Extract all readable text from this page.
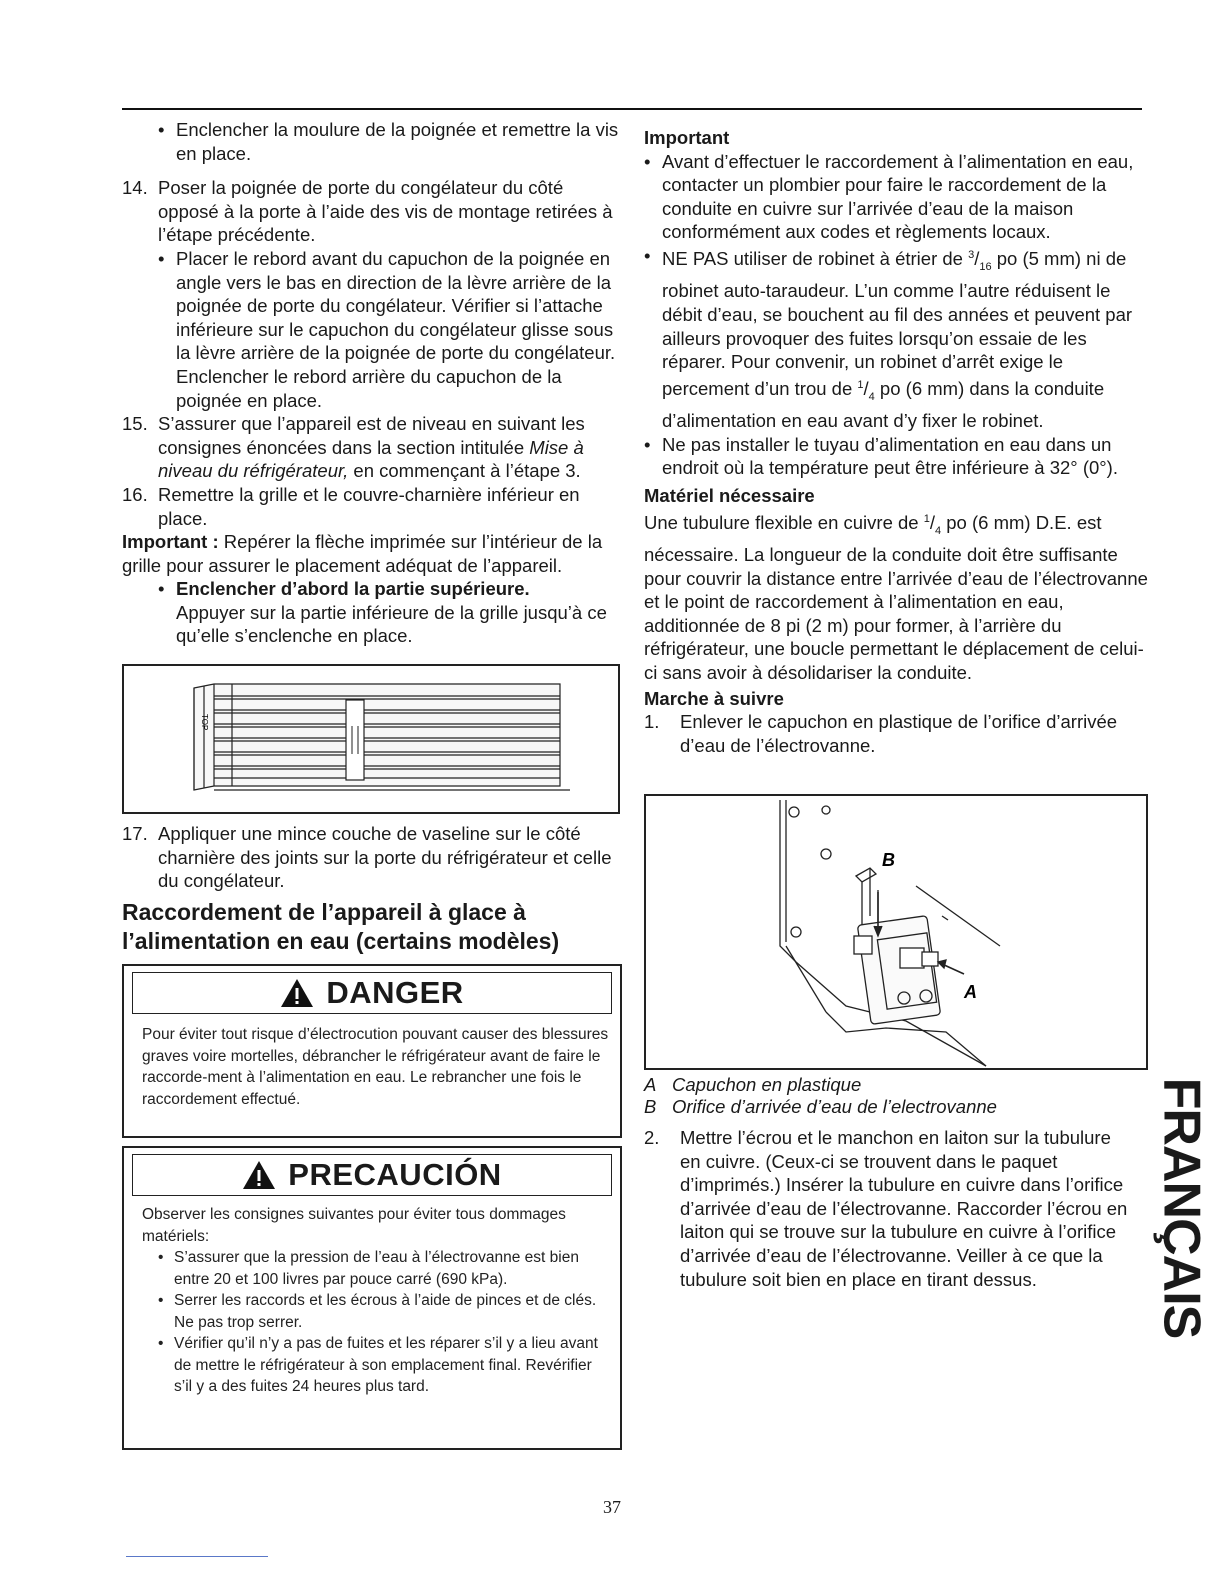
• Enclencher la moulure de la poignée et remettre la vis en place.

14. Poser la poignée de porte du congélateur du côté opposé à la porte à l’aide des vis de montage retirées à l’étape précédente.

• Placer le rebord avant du capuchon de la poignée en angle vers le bas en direction de la lèvre arrière de la poignée de porte du congélateur. Vérifier si l’attache inférieure sur le capuchon du congélateur glisse sous la lèvre arrière de la poignée de porte du congélateur. Enclencher le rebord arrière du capuchon de la poignée en place.

15. S’assurer que l’appareil est de niveau en suivant les consignes énoncées dans la section intitulée Mise à niveau du réfrigérateur, en commençant à l’étape 3.

16. Remettre la grille et le couvre-charnière inférieur en place.

Important : Repérer la flèche imprimée sur l’intérieur de la grille pour assurer le placement adéquat de l’appareil.

• Enclencher d’abord la partie supérieure.
Appuyer sur la partie inférieure de la grille jusqu’à ce qu’elle s’enclenche en place.

TOP

17. Appliquer une mince couche de vaseline sur le côté charnière des joints sur la porte du réfrigérateur et celle du congélateur.

Raccordement de l’appareil à glace à l’alimentation en eau (certains modèles)
DANGER
Pour éviter tout risque d’électrocution pouvant causer des blessures graves voire mortelles, débrancher le réfrigérateur avant de faire le raccorde-ment à l’alimentation en eau. Le rebrancher une fois le raccordement effectué.
PRECAUCIÓN

Observer les consignes suivantes pour éviter tous dommages matériels:

• S’assurer que la pression de l’eau à l’électrovanne est bien entre 20 et 100 livres par pouce carré (690 kPa).

• Serrer les raccords et les écrous à l’aide de pinces et de clés. Ne pas trop serrer.

• Vérifier qu’il n’y a pas de fuites et les réparer s’il y a lieu avant de mettre le réfrigérateur à son emplacement final. Revérifier s’il y a des fuites 24 heures plus tard.

Important

• Avant d’effectuer le raccordement à l’alimentation en eau, contacter un plombier pour faire le raccordement de la conduite en cuivre sur l’arrivée d’eau de la maison conformément aux codes et règlements locaux.

• NE PAS utiliser de robinet à étrier de $^3/_{16}$ po (5 mm) ni de robinet auto-taraudeur. L’un comme l’autre réduisent le débit d’eau, se bouchent au fil des années et peuvent par ailleurs provoquer des fuites lorsqu’on essaie de les réparer. Pour convenir, un robinet d’arrêt exige le percement d’un trou de $^1/_4$ po (6 mm) dans la conduite d’alimentation en eau avant d’y fixer le robinet.

• Ne pas installer le tuyau d’alimentation en eau dans un endroit où la température peut être inférieure à 32° (0°).

Matériel nécessaire

Une tubulure flexible en cuivre de $^1/_4$ po (6 mm) D.E. est nécessaire. La longueur de la conduite doit être suffisante pour couvrir la distance entre l’arrivée d’eau de l’électrovanne et le point de raccordement à l’alimentation en eau, additionnée de 8 pi (2 m) pour former, à l’arrière du réfrigérateur, une boucle permettant le déplacement de celui-ci sans avoir à désolidariser la conduite.

Marche à suivre

1. Enlever le capuchon en plastique de l’orifice d’arrivée d’eau de l’électrovanne.

B
A
A Capuchon en plastique
B Orifice d’arrivée d’eau de l’electrovanne

2. Mettre l’écrou et le manchon en laiton sur la tubulure en cuivre. (Ceux-ci se trouvent dans le paquet d’imprimés.) Insérer la tubulure en cuivre dans l’orifice d’arrivée d’eau de l’électrovanne. Raccorder l’écrou en laiton qui se trouve sur la tubulure en cuivre à l’orifice d’arrivée d’eau de l’électrovanne. Veiller à ce que la tubulure soit bien en place en tirant dessus.	FRANÇAIS
37
